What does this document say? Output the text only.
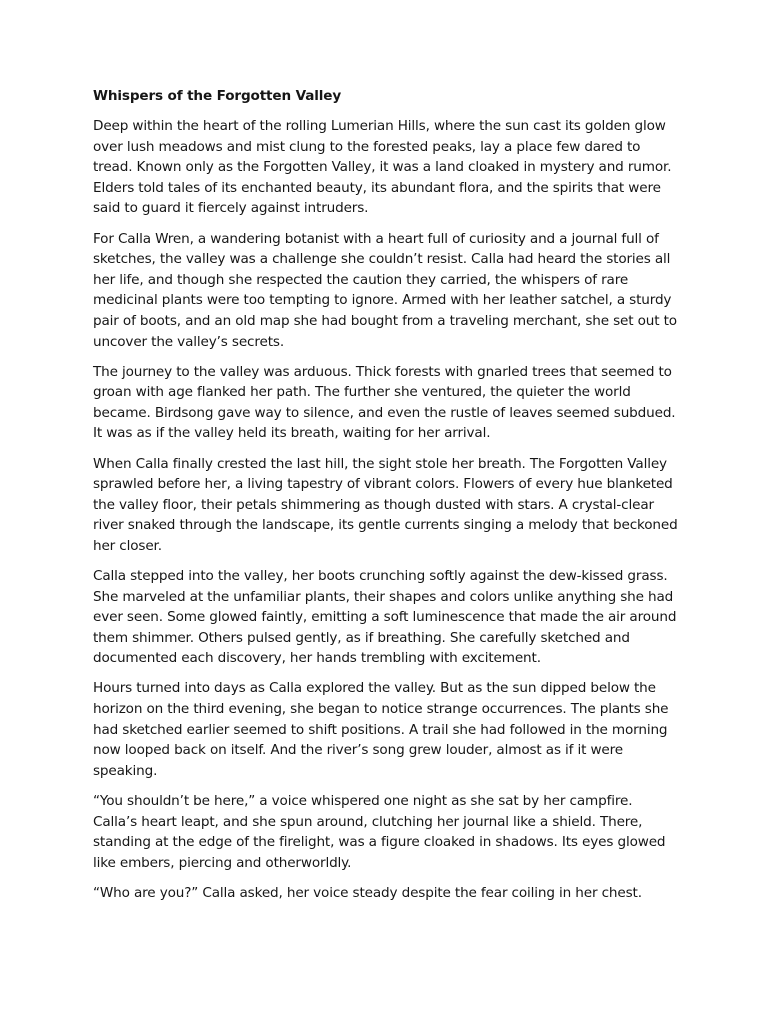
Whispers of the Forgotten Valley

Deep within the heart of the rolling Lumerian Hills, where the sun cast its golden glow over lush meadows and mist clung to the forested peaks, lay a place few dared to tread. Known only as the Forgotten Valley, it was a land cloaked in mystery and rumor. Elders told tales of its enchanted beauty, its abundant flora, and the spirits that were said to guard it fiercely against intruders.

For Calla Wren, a wandering botanist with a heart full of curiosity and a journal full of sketches, the valley was a challenge she couldn’t resist. Calla had heard the stories all her life, and though she respected the caution they carried, the whispers of rare medicinal plants were too tempting to ignore. Armed with her leather satchel, a sturdy pair of boots, and an old map she had bought from a traveling merchant, she set out to uncover the valley’s secrets.

The journey to the valley was arduous. Thick forests with gnarled trees that seemed to groan with age flanked her path. The further she ventured, the quieter the world became. Birdsong gave way to silence, and even the rustle of leaves seemed subdued. It was as if the valley held its breath, waiting for her arrival.

When Calla finally crested the last hill, the sight stole her breath. The Forgotten Valley sprawled before her, a living tapestry of vibrant colors. Flowers of every hue blanketed the valley floor, their petals shimmering as though dusted with stars. A crystal-clear river snaked through the landscape, its gentle currents singing a melody that beckoned her closer.

Calla stepped into the valley, her boots crunching softly against the dew-kissed grass. She marveled at the unfamiliar plants, their shapes and colors unlike anything she had ever seen. Some glowed faintly, emitting a soft luminescence that made the air around them shimmer. Others pulsed gently, as if breathing. She carefully sketched and documented each discovery, her hands trembling with excitement.

Hours turned into days as Calla explored the valley. But as the sun dipped below the horizon on the third evening, she began to notice strange occurrences. The plants she had sketched earlier seemed to shift positions. A trail she had followed in the morning now looped back on itself. And the river’s song grew louder, almost as if it were speaking.

“You shouldn’t be here,” a voice whispered one night as she sat by her campfire. Calla’s heart leapt, and she spun around, clutching her journal like a shield. There, standing at the edge of the firelight, was a figure cloaked in shadows. Its eyes glowed like embers, piercing and otherworldly.

“Who are you?” Calla asked, her voice steady despite the fear coiling in her chest.
